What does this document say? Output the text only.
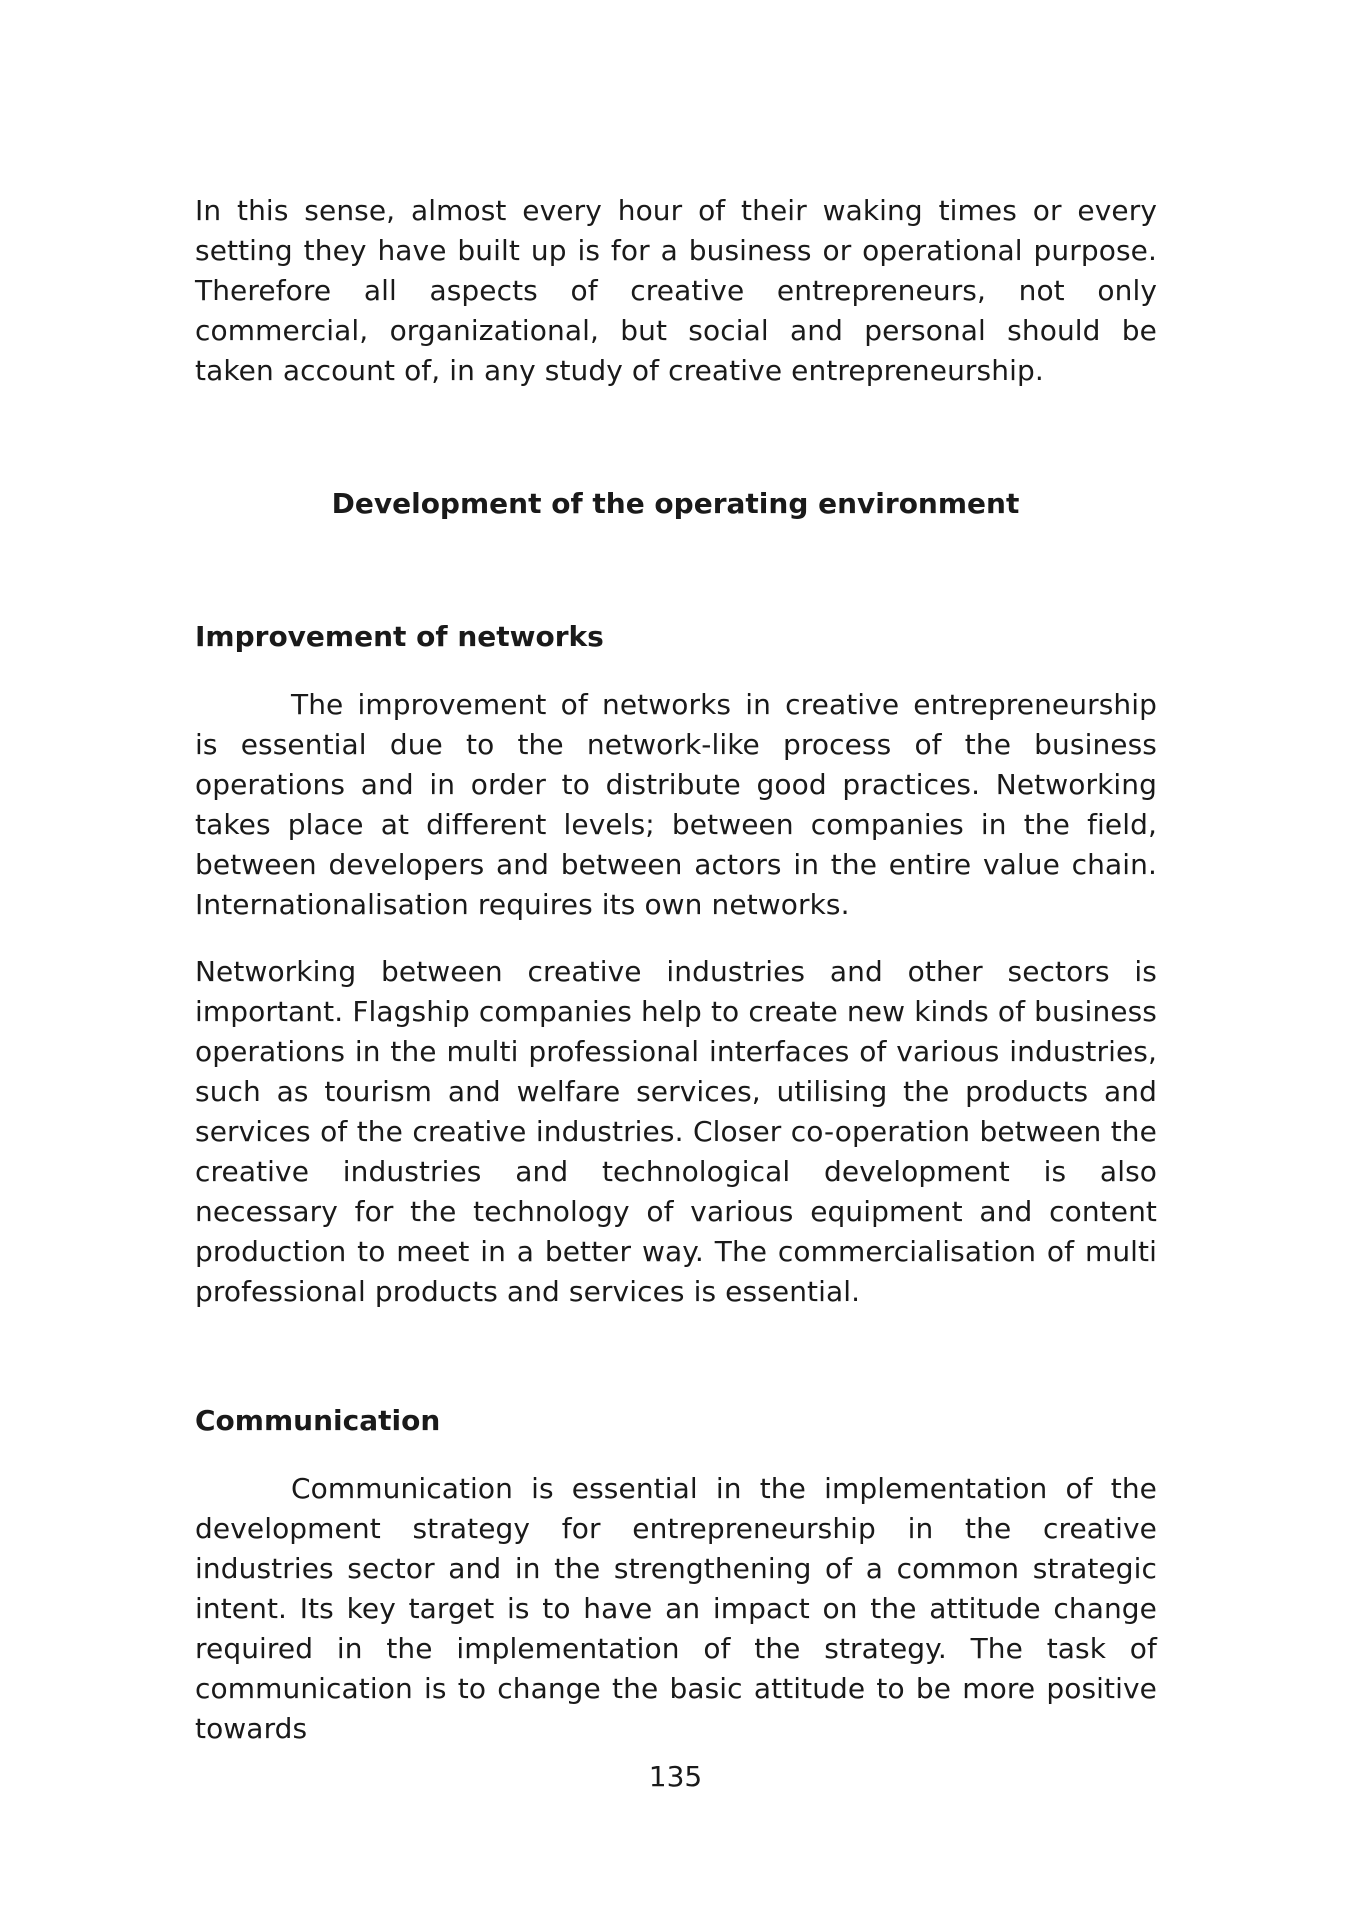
In this sense, almost every hour of their waking times or every setting they have built up is for a business or operational purpose. Therefore all aspects of creative entrepreneurs, not only commercial, organizational, but social and personal should be taken account of, in any study of creative entrepreneurship.

Development of the operating environment
Improvement of networks

The improvement of networks in creative entrepreneurship is essential due to the network-like process of the business operations and in order to distribute good practices. Networking takes place at different levels; between companies in the field, between developers and between actors in the entire value chain. Internationalisation requires its own networks.

Networking between creative industries and other sectors is important. Flagship companies help to create new kinds of business operations in the multi professional interfaces of various industries, such as tourism and welfare services, utilising the products and services of the creative industries. Closer co-operation between the creative industries and technological development is also necessary for the technology of various equipment and content production to meet in a better way. The commercialisation of multi professional products and services is essential.

Communication

Communication is essential in the implementation of the development strategy for entrepreneurship in the creative industries sector and in the strengthening of a common strategic intent. Its key target is to have an impact on the attitude change required in the implementation of the strategy. The task of communication is to change the basic attitude to be more positive towards

135
